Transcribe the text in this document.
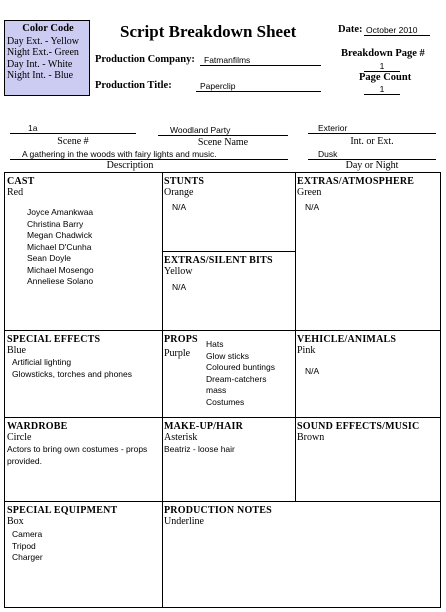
Color Code
Day Ext. - Yellow
Night Ext.- Green
Day Int. - White
Night Int. - Blue
Script Breakdown Sheet
Production Company:	Fatmanfilms
Production Title:	Paperclip
Date: October 2010
Breakdown Page #
1
Page Count
1
1a
Scene #
Woodland Party
Scene Name
Exterior
Int. or Ext.
A gathering in the woods with fairy lights and music.
Description
Dusk
Day or Night
CAST
Red
Joyce Amankwaa
Christina Barry
Megan Chadwick
Michael D'Cunha
Sean Doyle
Michael Mosengo
Anneliese Solano
STUNTS
Orange
N/A
EXTRAS/ATMOSPHERE
Green
N/A
EXTRAS/SILENT BITS
Yellow
N/A
SPECIAL EFFECTS
Blue
Artificial lighting
Glowsticks, torches and phones
PROPS
Purple
Hats
Glow sticks
Coloured buntings
Dream-catchers
mass
Costumes
VEHICLE/ANIMALS
Pink
N/A
WARDROBE
Circle
Actors to bring own costumes - props provided.
MAKE-UP/HAIR
Asterisk
Beatriz - loose hair
SOUND EFFECTS/MUSIC
Brown
SPECIAL EQUIPMENT
Box
Camera
Tripod
Charger
PRODUCTION NOTES
Underline
